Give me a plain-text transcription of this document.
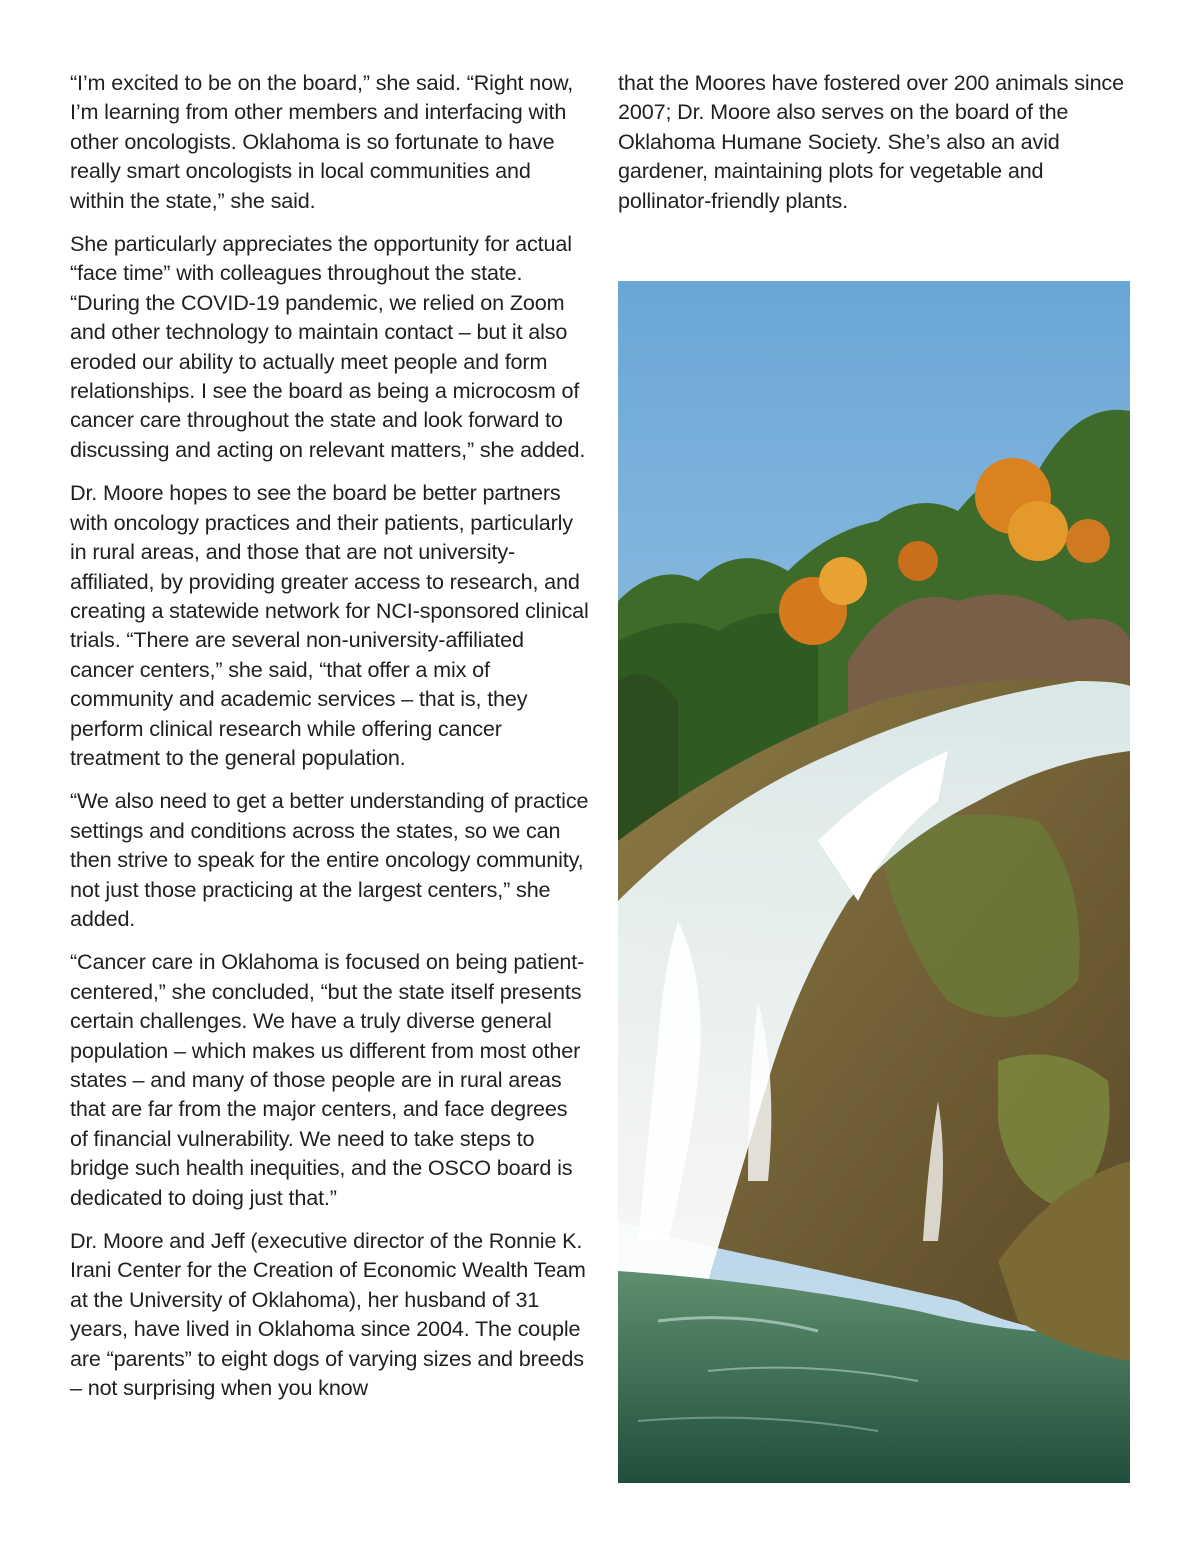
“I’m excited to be on the board,” she said. “Right now, I’m learning from other members and interfacing with other oncologists. Oklahoma is so fortunate to have really smart oncologists in local communities and within the state,” she said.

She particularly appreciates the opportunity for actual “face time” with colleagues throughout the state. “During the COVID-19 pandemic, we relied on Zoom and other technology to maintain contact – but it also eroded our ability to actually meet people and form relationships. I see the board as being a microcosm of cancer care throughout the state and look forward to discussing and acting on relevant matters,” she added.

Dr. Moore hopes to see the board be better partners with oncology practices and their patients, particularly in rural areas, and those that are not university-affiliated, by providing greater access to research, and creating a statewide network for NCI-sponsored clinical trials. “There are several non-university-affiliated cancer centers,” she said, “that offer a mix of community and academic services – that is, they perform clinical research while offering cancer treatment to the general population.

“We also need to get a better understanding of practice settings and conditions across the states, so we can then strive to speak for the entire oncology community, not just those practicing at the largest centers,” she added.

“Cancer care in Oklahoma is focused on being patient-centered,” she concluded, “but the state itself presents certain challenges. We have a truly diverse general population – which makes us different from most other states – and many of those people are in rural areas that are far from the major centers, and face degrees of financial vulnerability. We need to take steps to bridge such health inequities, and the OSCO board is dedicated to doing just that.”

Dr. Moore and Jeff (executive director of the Ronnie K. Irani Center for the Creation of Economic Wealth Team at the University of Oklahoma), her husband of 31 years, have lived in Oklahoma since 2004. The couple are “parents” to eight dogs of varying sizes and breeds – not surprising when you know

that the Moores have fostered over 200 animals since 2007; Dr. Moore also serves on the board of the Oklahoma Humane Society. She’s also an avid gardener, maintaining plots for vegetable and pollinator-friendly plants.
